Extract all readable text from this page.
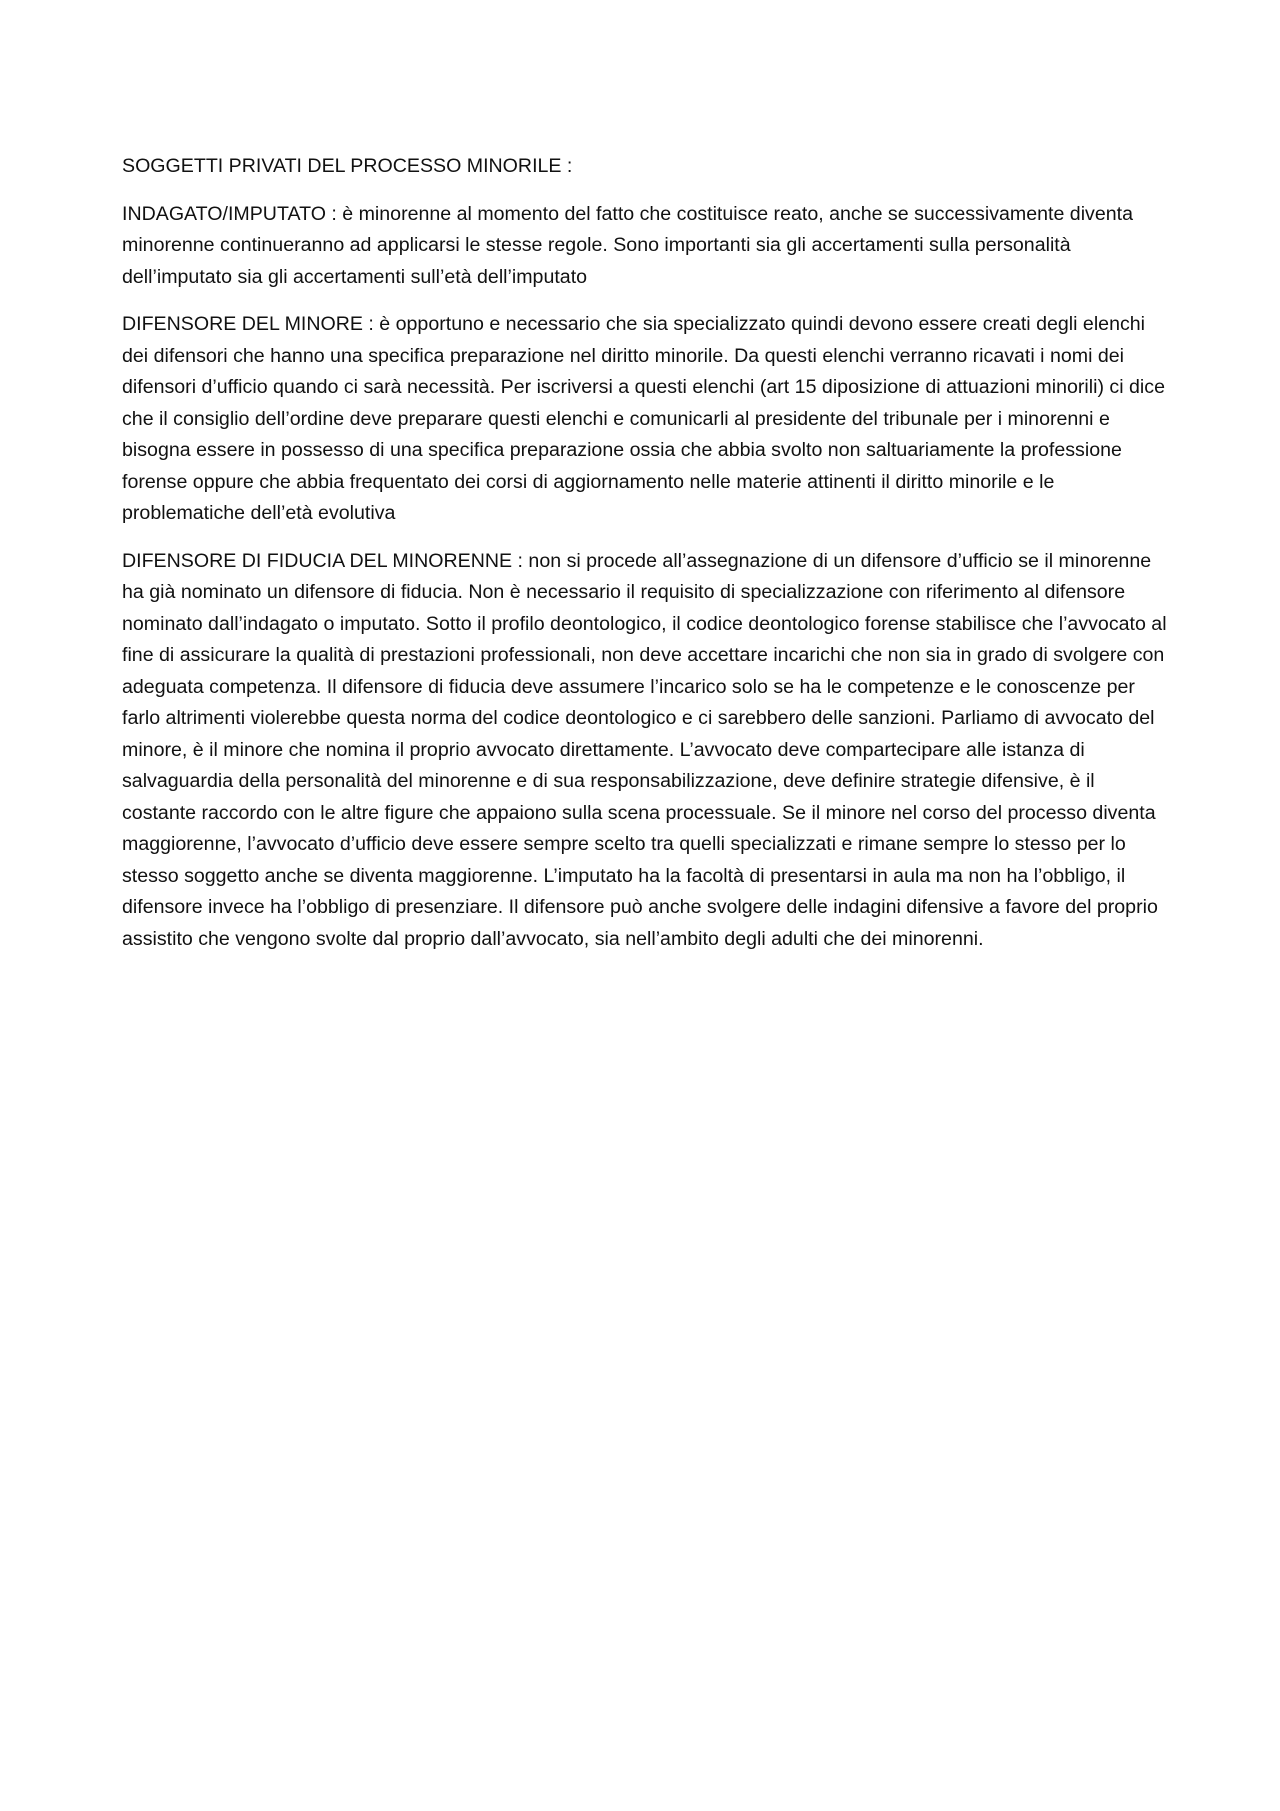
SOGGETTI PRIVATI DEL PROCESSO MINORILE :

INDAGATO/IMPUTATO : è minorenne al momento del fatto che costituisce reato, anche se successivamente diventa minorenne continueranno ad applicarsi le stesse regole. Sono importanti sia gli accertamenti sulla personalità dell’imputato sia gli accertamenti sull’età dell’imputato

DIFENSORE DEL MINORE : è opportuno e necessario che sia specializzato quindi devono essere creati degli elenchi dei difensori che hanno una specifica preparazione nel diritto minorile. Da questi elenchi verranno ricavati i nomi dei difensori d’ufficio quando ci sarà necessità. Per iscriversi a questi elenchi (art 15 diposizione di attuazioni minorili) ci dice che il consiglio dell’ordine deve preparare questi elenchi e comunicarli al presidente del tribunale per i minorenni e bisogna essere in possesso di una specifica preparazione ossia che abbia svolto non saltuariamente la professione forense oppure che abbia frequentato dei corsi di aggiornamento nelle materie attinenti il diritto minorile e le problematiche dell’età evolutiva

DIFENSORE DI FIDUCIA DEL MINORENNE : non si procede all’assegnazione di un difensore d’ufficio se il minorenne ha già nominato un difensore di fiducia. Non è necessario il requisito di specializzazione con riferimento al difensore nominato dall’indagato o imputato. Sotto il profilo deontologico, il codice deontologico forense stabilisce che l’avvocato al fine di assicurare la qualità di prestazioni professionali, non deve accettare incarichi che non sia in grado di svolgere con adeguata competenza. Il difensore di fiducia deve assumere l’incarico solo se ha le competenze e le conoscenze per farlo altrimenti violerebbe questa norma del codice deontologico e ci sarebbero delle sanzioni. Parliamo di avvocato del minore, è il minore che nomina il proprio avvocato direttamente. L’avvocato deve compartecipare alle istanza di salvaguardia della personalità del minorenne e di sua responsabilizzazione, deve definire strategie difensive, è il costante raccordo con le altre figure che appaiono sulla scena processuale. Se il minore nel corso del processo diventa maggiorenne, l’avvocato d’ufficio deve essere sempre scelto tra quelli specializzati e rimane sempre lo stesso per lo stesso soggetto anche se diventa maggiorenne. L’imputato ha la facoltà di presentarsi in aula ma non ha l’obbligo, il difensore invece ha l’obbligo di presenziare. Il difensore può anche svolgere delle indagini difensive a favore del proprio assistito che vengono svolte dal proprio dall’avvocato, sia nell’ambito degli adulti che dei minorenni.
